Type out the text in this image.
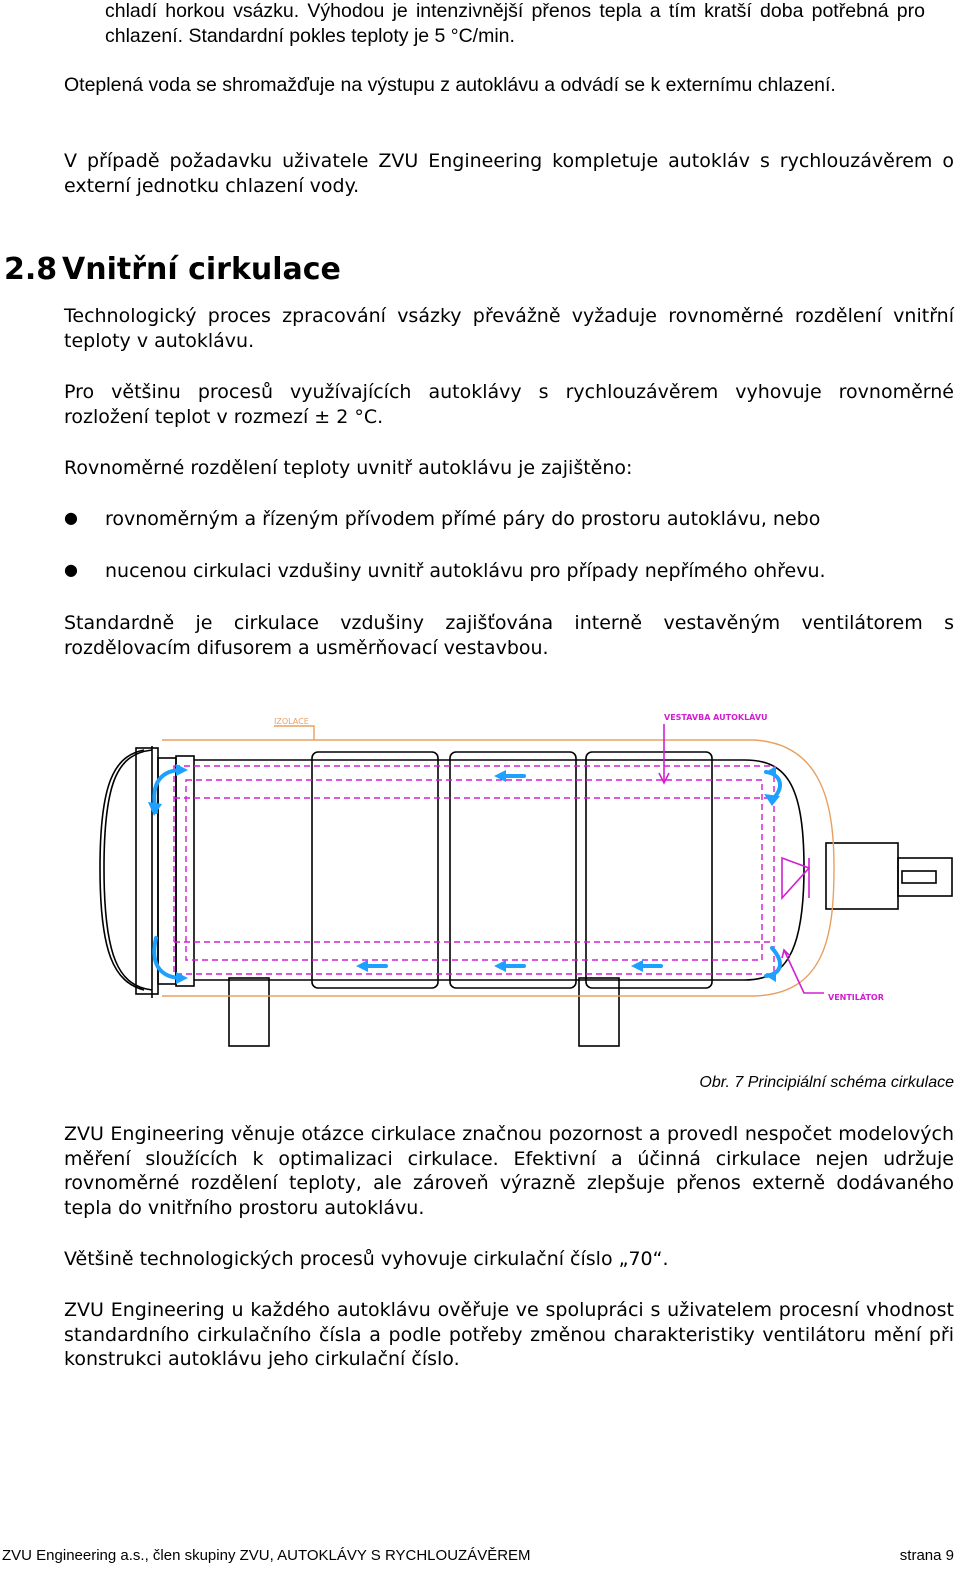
chladí horkou vsázku. Výhodou je intenzivnější přenos tepla a tím kratší doba potřebná pro chlazení. Standardní pokles teploty je 5 °C/min.

Oteplená voda se shromažďuje na výstupu z autoklávu a odvádí se k externímu chlazení.

V případě požadavku uživatele ZVU Engineering kompletuje autokláv s rychlouzávěrem o externí jednotku chlazení vody.

2.8 Vnitřní cirkulace

Technologický proces zpracování vsázky převážně vyžaduje rovnoměrné rozdělení vnitřní teploty v autoklávu.

Pro většinu procesů využívajících autoklávy s rychlouzávěrem vyhovuje rovnoměrné rozložení teplot v rozmezí ± 2 °C.

Rovnoměrné rozdělení teploty uvnitř autoklávu je zajištěno:

● rovnoměrným a řízeným přívodem přímé páry do prostoru autoklávu, nebo
● nucenou cirkulaci vzdušiny uvnitř autoklávu pro případy nepřímého ohřevu.

Standardně je cirkulace vzdušiny zajišťována interně vestavěným ventilátorem s rozdělovacím difusorem a usměrňovací vestavbou.

IZOLACE	VESTAVBA AUTOKLÁVU
VENTILÁTOR
Obr. 7 Principiální schéma cirkulace

ZVU Engineering věnuje otázce cirkulace značnou pozornost a provedl nespočet modelových měření sloužících k optimalizaci cirkulace. Efektivní a účinná cirkulace nejen udržuje rovnoměrné rozdělení teploty, ale zároveň výrazně zlepšuje přenos externě dodávaného tepla do vnitřního prostoru autoklávu.

Většině technologických procesů vyhovuje cirkulační číslo „70“.

ZVU Engineering u každého autoklávu ověřuje ve spolupráci s uživatelem procesní vhodnost standardního cirkulačního čísla a podle potřeby změnou charakteristiky ventilátoru mění při konstrukci autoklávu jeho cirkulační číslo.

ZVU Engineering a.s., člen skupiny ZVU, AUTOKLÁVY S RYCHLOUZÁVĚREM	strana 9
